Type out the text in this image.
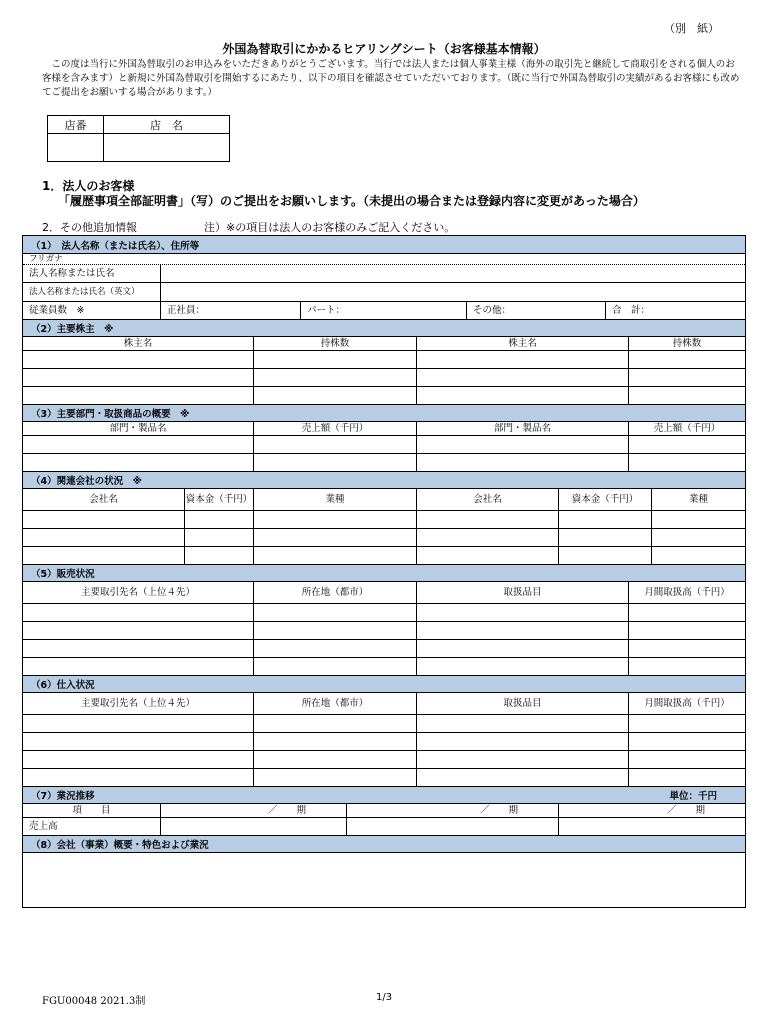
（別　紙）
外国為替取引にかかるヒアリングシート（お客様基本情報）
　この度は当行に外国為替取引のお申込みをいただきありがとうございます。当行では法人または個人事業主様（海外の取引先と継続して商取引をされる個人のお客様を含みます）と新規に外国為替取引を開始するにあたり、以下の項目を確認させていただいております。（既に当行で外国為替取引の実績があるお客様にも改めてご提出をお願いする場合があります。）
店番	店　名

1．法人のお客様
「履歴事項全部証明書」（写）のご提出をお願いします。（未提出の場合または登録内容に変更があった場合）
2．その他追加情報	注）※の項目は法人のお客様のみご記入ください。
（1）　法人名称（または氏名）、住所等
フリガナ
法人名称または氏名
法人名称または氏名（英文）
従業員数　※	正社員：	パート：	その他：	合　計：
（2）主要株主　※
株主名	持株数	株主名	持株数
（3）主要部門・取扱商品の概要　※
部門・製品名	売上額（千円）	部門・製品名	売上額（千円）
（4）関連会社の状況　※
会社名	資本金（千円）	業種	会社名	資本金（千円）	業種
（5）販売状況
主要取引先名（上位４先）	所在地（都市）	取扱品目	月間取扱高（千円）
（6）仕入状況
主要取引先名（上位４先）	所在地（都市）	取扱品目	月間取扱高（千円）
（7）業況推移	単位：千円
項　　目	／　　期	／　　期	／　　期
売上高
（8）会社（事業）概要・特色および業況
FGU00048 2021.3制	1/3
